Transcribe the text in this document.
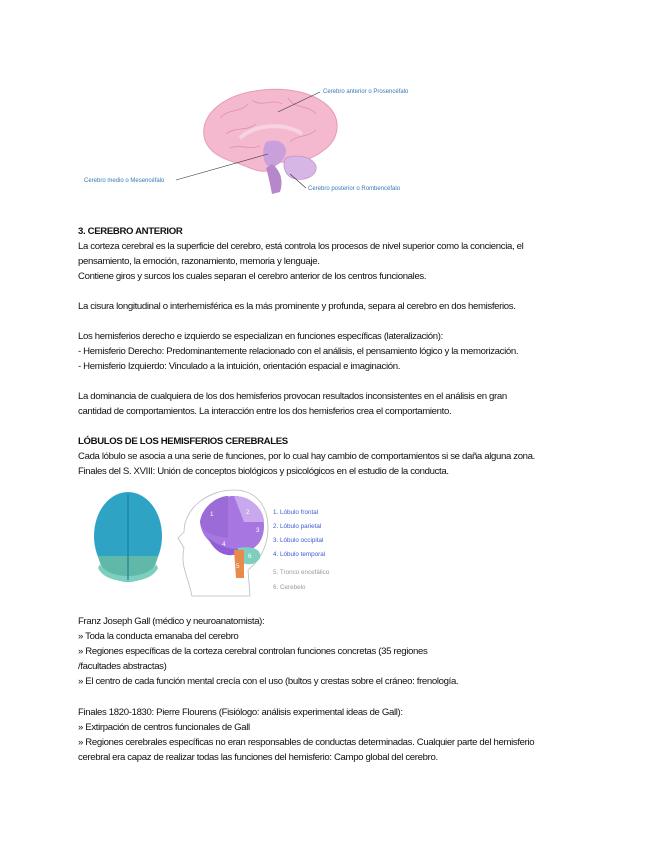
Cerebro anterior o Prosencéfalo
Cerebro medio o Mesencéfalo
Cerebro posterior o Rombencéfalo

3. CEREBRO ANTERIOR

La corteza cerebral es la superficie del cerebro, está controla los procesos de nivel superior como la conciencia, el
pensamiento, la emoción, razonamiento, memoria y lenguaje.
Contiene giros y surcos los cuales separan el cerebro anterior de los centros funcionales.

La cisura longitudinal o interhemisférica es la más prominente y profunda, separa al cerebro en dos hemisferios.

Los hemisferios derecho e izquierdo se especializan en funciones específicas (lateralización):
- Hemisferio Derecho: Predominantemente relacionado con el análisis, el pensamiento lógico y la memorización.
- Hemisferio Izquierdo: Vinculado a la intuición, orientación espacial e imaginación.

La dominancia de cualquiera de los dos hemisferios provocan resultados inconsistentes en el análisis en gran
cantidad de comportamientos. La interacción entre los dos hemisferios crea el comportamiento.

LÓBULOS DE LOS HEMISFERIOS CEREBRALES
Cada lóbulo se asocia a una serie de funciones, por lo cual hay cambio de comportamientos si se daña alguna zona.
Finales del S. XVIII: Unión de conceptos biológicos y psicológicos en el estudio de la conducta.

1	2
3
4
5
6
1. Lóbulo frontal
2. Lóbulo parietal
3. Lóbulo occipital
4. Lóbulo temporal
5. Tronco encefálico
6. Cerebelo

Franz Joseph Gall (médico y neuroanatomista):
» Toda la conducta emanaba del cerebro
» Regiones específicas de la corteza cerebral controlan funciones concretas (35 regiones
/facultades abstractas)
» El centro de cada función mental crecía con el uso (bultos y crestas sobre el cráneo: frenología.

Finales 1820-1830: Pierre Flourens (Fisiólogo: análisis experimental ideas de Gall):
» Extirpación de centros funcionales de Gall
» Regiones cerebrales específicas no eran responsables de conductas determinadas. Cualquier parte del hemisferio
cerebral era capaz de realizar todas las funciones del hemisferio: Campo global del cerebro.
